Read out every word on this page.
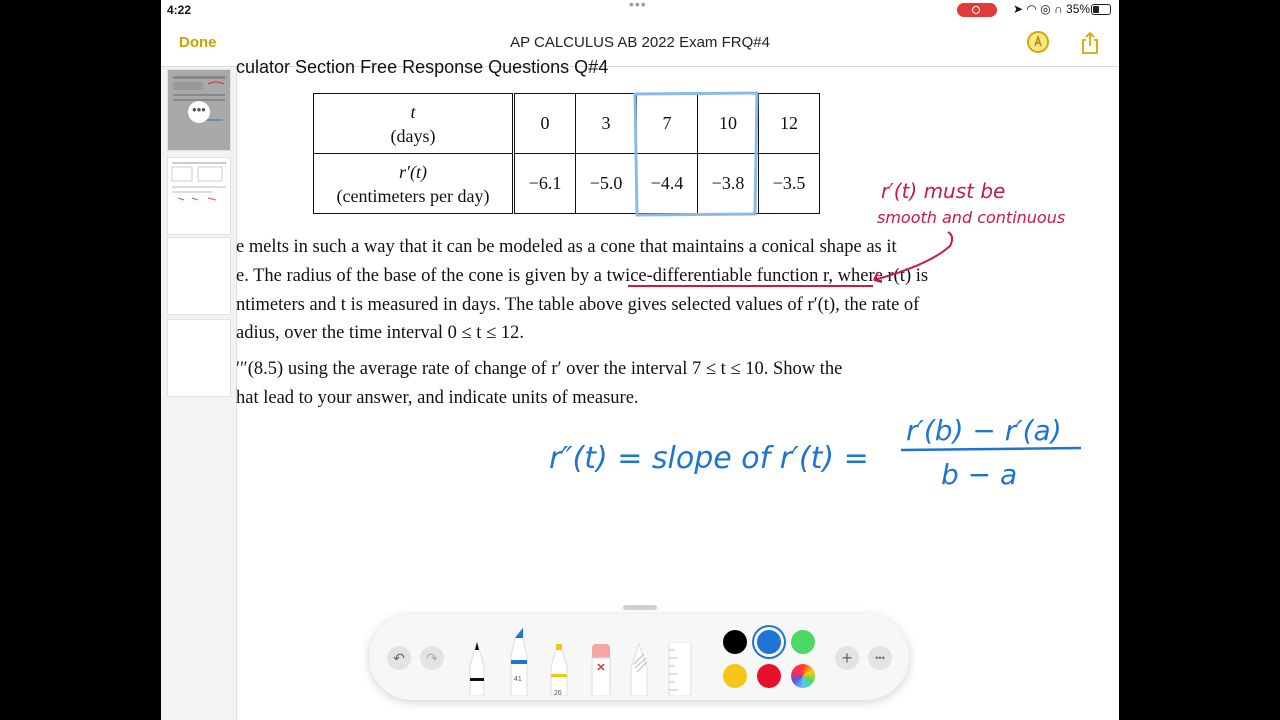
4:22	•••	➤ ◠ ◎ ∩ 35%
Done	AP CALCULUS AB 2022 Exam FRQ#4
•••
culator Section Free Response Questions Q#4
t
(days)	0	3	7	10	12
r′(t)
(centimeters per day)	−6.1	−5.0	−4.4	−3.8	−3.5
e melts in such a way that it can be modeled as a cone that maintains a conical shape as it
e. The radius of the base of the cone is given by a twice-differentiable function r, where r(t) is
ntimeters and t is measured in days. The table above gives selected values of r′(t), the rate of
adius, over the time interval 0 ≤ t ≤ 12.
′″(8.5) using the average rate of change of r′ over the interval 7 ≤ t ≤ 10. Show the
hat lead to your answer, and indicate units of measure.
r′(t) must be
smooth and continuous
r″(t) = slope of r′(t) =
r′(b) − r′(a)
b − a
↶	↷
41
26
+	•••
